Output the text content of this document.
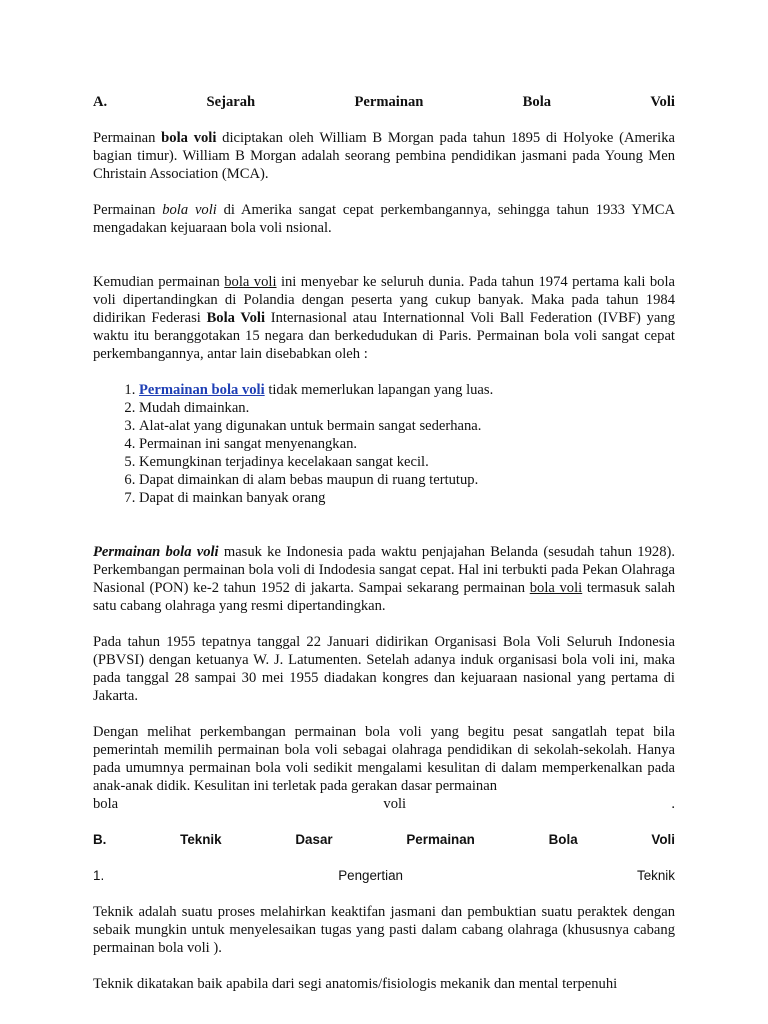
A.	Sejarah	Permainan	Bola	Voli

Permainan bola voli diciptakan oleh William B Morgan pada tahun 1895 di Holyoke (Amerika bagian timur). William B Morgan adalah seorang pembina pendidikan jasmani pada Young Men Christain Association (MCA).

Permainan bola voli di Amerika sangat cepat perkembangannya, sehingga tahun 1933 YMCA mengadakan kejuaraan bola voli nsional.

Kemudian permainan bola voli ini menyebar ke seluruh dunia. Pada tahun 1974 pertama kali bola voli dipertandingkan di Polandia dengan peserta yang cukup banyak. Maka pada tahun 1984 didirikan Federasi Bola Voli Internasional atau Internationnal Voli Ball Federation (IVBF) yang waktu itu beranggotakan 15 negara dan berkedudukan di Paris. Permainan bola voli sangat cepat perkembangannya, antar lain disebabkan oleh :

1. Permainan bola voli tidak memerlukan lapangan yang luas.
2. Mudah dimainkan.
3. Alat-alat yang digunakan untuk bermain sangat sederhana.
4. Permainan ini sangat menyenangkan.
5. Kemungkinan terjadinya kecelakaan sangat kecil.
6. Dapat dimainkan di alam bebas maupun di ruang tertutup.
7. Dapat di mainkan banyak orang

Permainan bola voli masuk ke Indonesia pada waktu penjajahan Belanda (sesudah tahun 1928). Perkembangan permainan bola voli di Indodesia sangat cepat. Hal ini terbukti pada Pekan Olahraga Nasional (PON) ke-2 tahun 1952 di jakarta. Sampai sekarang permainan bola voli termasuk salah satu cabang olahraga yang resmi dipertandingkan.

Pada tahun 1955 tepatnya tanggal 22 Januari didirikan Organisasi Bola Voli Seluruh Indonesia (PBVSI) dengan ketuanya W. J. Latumenten. Setelah adanya induk organisasi bola voli ini, maka pada tanggal 28 sampai 30 mei 1955 diadakan kongres dan kejuaraan nasional yang pertama di Jakarta.

Dengan melihat perkembangan permainan bola voli yang begitu pesat sangatlah tepat bila pemerintah memilih permainan bola voli sebagai olahraga pendidikan di sekolah-sekolah. Hanya pada umumnya permainan bola voli sedikit mengalami kesulitan di dalam memperkenalkan pada anak-anak didik. Kesulitan ini terletak pada gerakan dasar permainan

bola	voli	.

B.	Teknik	Dasar	Permainan	Bola	Voli

1.	Pengertian	Teknik

Teknik adalah suatu proses melahirkan keaktifan jasmani dan pembuktian suatu peraktek dengan sebaik mungkin untuk menyelesaikan tugas yang pasti dalam cabang olahraga (khususnya cabang permainan bola voli ).

Teknik dikatakan baik apabila dari segi anatomis/fisiologis mekanik dan mental terpenuhi
